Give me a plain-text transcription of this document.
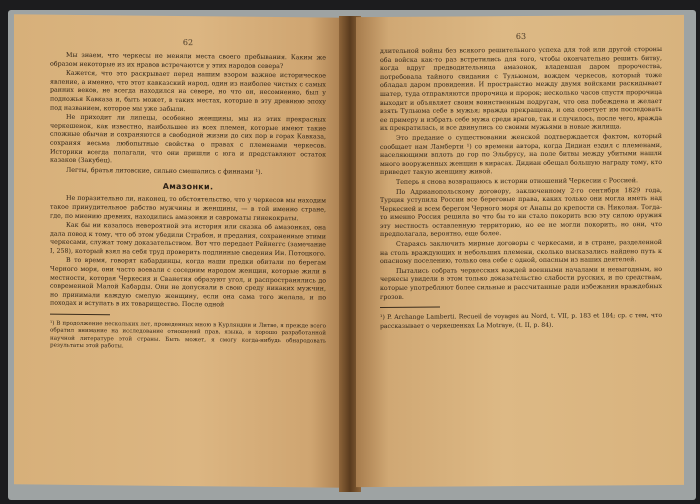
62

Мы знаем, что черкесы не меняли места своего пребывания. Каким же образом некоторые из их нравов встречаются у этих народов севера?

Кажется, что это раскрывает перед нашим взором важное историческое явление, а именно, что этот кавказский народ, один из наиболее чистых с самых ранних веков, не всегда находился на севере, но что он, несомненно, был у подножья Кавказа и, быть может, в таких местах, которые в эту древнюю эпоху под названием, которое мы уже забыли.

Не приходит ли липецы, особенно женщины, мы из этих прекрасных черкешенок, как известно, наибольшее из всех племен, которые имеют такие сложные обычаи и сохраняются в свободной жизни до сих пор в горах Кавказа, сохраняя весьма любопытные свойства о правах с племенами черкесов. Историки всегда полагали, что они пришли с юга и представляют остаток казаков (Закубец).

Легты, братья литовские, сильно смешались с финнами ¹).

Амазонки.

Не поразительно ли, наконец, то обстоятельство, что у черкесов мы находим такое принудительное рабство мужчины и женщины, — в той именно стране, где, по мнению древних, находились амазонки и савроматы гинекократы.

Как бы ни казалось невероятной эта история или сказка об амазонках, она дала повод к тому, что об этом убедили Страбон, и предания, сохраненные этими черкесами, служат тому доказательством. Вот что передает Рейнеггс (замечание I, 258), который взял на себя труд проверить подлинные сведения Ин. Потоцкого.

В то время, говорят кабардинцы, когда наши предки обитали по берегам Черного моря, они часто воевали с соседним народом женщин, которые жили в местности, которая Черкесия и Сванетия образуют угол, и распространялись до современной Малой Кабарды. Они не допускали в свою среду никаких мужчин, но принимали каждую смелую женщину, если она сама того желала, и по походах и вступать в их товарищество. После одной

¹) В продолжение нескольких лет, проведенных мною в Курляндии и Литве, я прежде всего обратил внимание на исследование отношений прав, языка, в хорошо разработанной научной литературе этой страны. Быть может, я смогу когда-нибудь обнародовать результаты этой работы.

63

длительной войны без всякого решительного успеха для той или другой стороны оба войска как-то раз встретились для того, чтобы окончательно решить битву, когда вдруг предводительница амазонок, владевшая даром пророчества, потребовала тайного свидания с Тульюмом, вождем черкесов, который тоже обладал даром провидения. И пространство между двумя войсками раскидывает шатер, туда отправляются пророчица и пророк; несколько часов спустя пророчица выходит и объявляет своим воинственным подругам, что она побеждена и желает взять Тульюма себе в мужья; вражда прекращена, и она советует им последовать ее примеру и избрать себе мужа среди врагов, так и случилось, после чего, вражда их прекратилась, и все двинулись со своими мужьями в новые жилища.

Это предание о существовании женской подтверждается фактом, который сообщает нам Ламберти ¹) со времени автора, когда Дидиан ездил с племенами, населяющими вплоть до гор по Эльбрусу, на поле битвы между убитыми нашли много вооруженных женщин в кирасах. Дидиан обещал большую награду тому, кто приведет такую женщину живой.

Теперь я снова возвращаюсь к истории отношений Черкесии с Россией.

По Адрианопольскому договору, заключенному 2-го сентября 1829 года, Турция уступила России все береговые права, каких только они могла иметь над Черкесией и всем берегом Черного моря от Анапы до крепости св. Николая. Тогда-то именно Россия решила во что бы то ни стало покорить всю эту силою оружия эту местность оставленную территорию, но ее не могли покорить, но они, что предполагала, вероятно, еще более.

Стараясь заключить мирные договоры с черкесами, и в стране, разделенной на столь враждующих и небольших племени, сколько высказались найдено путь к опасному поселению, только она себе с одной, опасным из наших деятелей.

Пытались собрать черкесских вождей военными началами и невыгодным, но черкесы увидели в этом только доказательство слабости русских, и по средствам, которые употребляют более сильные и рассчитанные ради избежания враждебных грозов.

¹) P. Archange Lamberti. Recueil de voyages au Nord, t. VII, p. 183 et 184; cp. с тем, что рассказывает о черкешенках La Motraye, (t. II, p. 84).
